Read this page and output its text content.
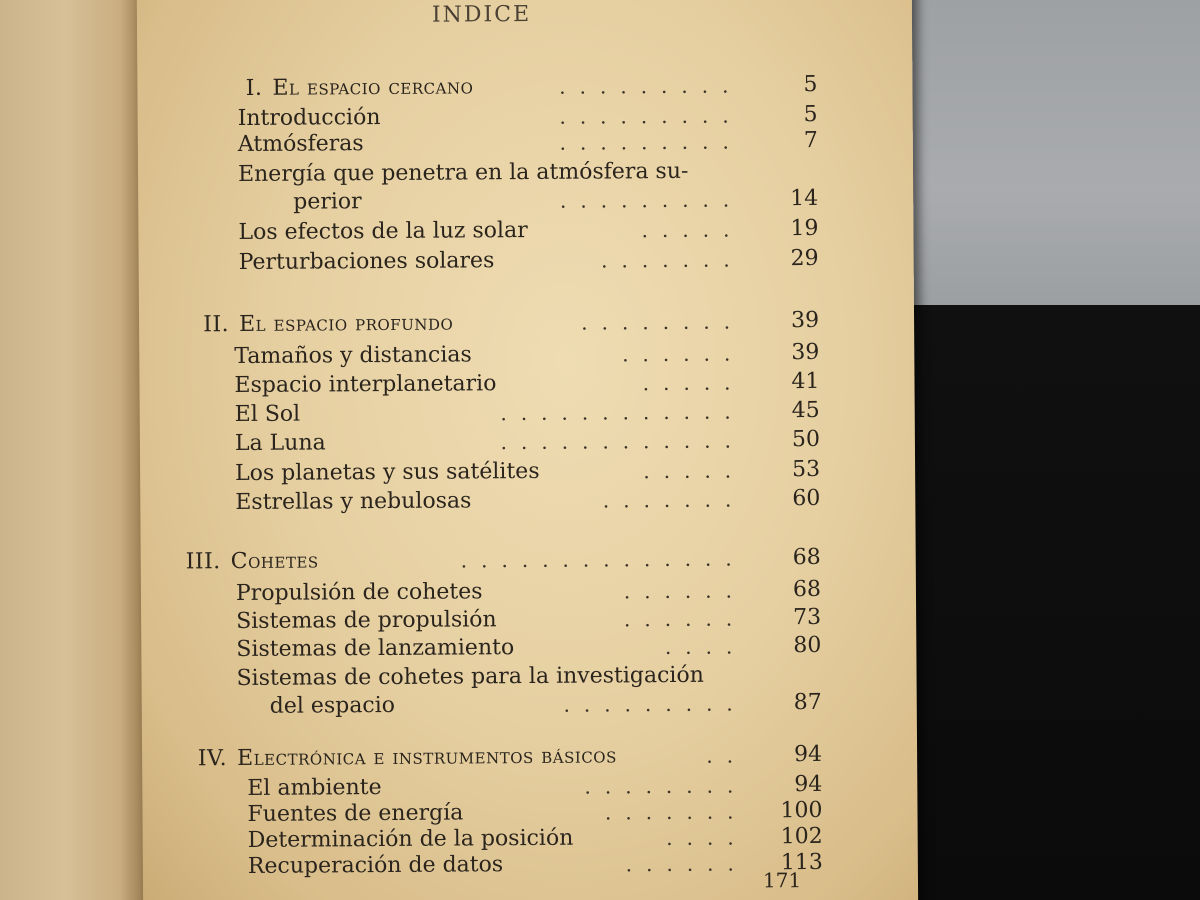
INDICE
I. El espacio cercano	.........	5
Introducción	.........	5
Atmósferas	.........	7
Energía que penetra en la atmósfera su-
perior	.........	14
Los efectos de la luz solar	.....	19
Perturbaciones solares	.......	29
II. El espacio profundo	........	39
Tamaños y distancias	......	39
Espacio interplanetario	.....	41
El Sol	............	45
La Luna	............	50
Los planetas y sus satélites	.....	53
Estrellas y nebulosas	.......	60
III. Cohetes	..............	68
Propulsión de cohetes	......	68
Sistemas de propulsión	......	73
Sistemas de lanzamiento	....	80
Sistemas de cohetes para la investigación
del espacio	.........	87
IV. Electrónica e instrumentos básicos	..	94
El ambiente	........	94
Fuentes de energía	.......	100
Determinación de la posición	....	102
Recuperación de datos	......	113
171
